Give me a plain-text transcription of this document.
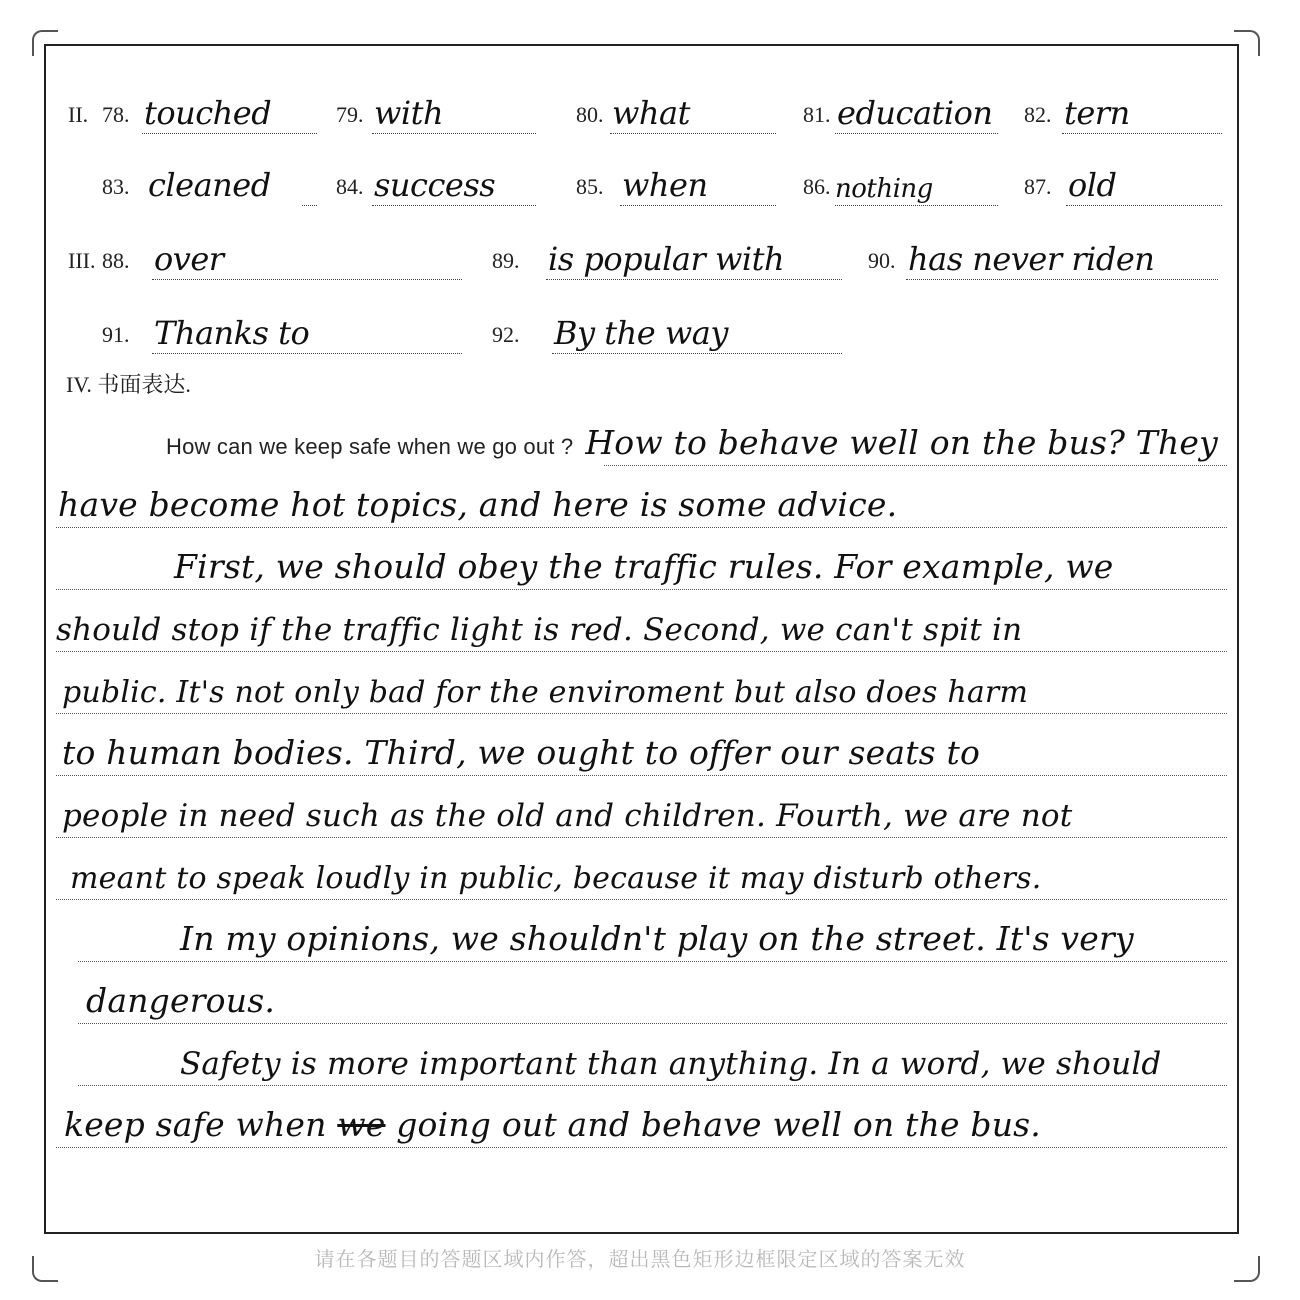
II. 78. touched	79. with	80. what	81. education 82. tern
83. cleaned	84. success	85. when	86. nothing	87. old
III. 88. over	89. is popular with	90. has never riden
91. Thanks to	92. By the way
IV. 书面表达.
How can we keep safe when we go out ? How to behave well on the bus? They
have become hot topics, and here is some advice.
First, we should obey the traffic rules. For example, we
should stop if the traffic light is red. Second, we can't spit in
public. It's not only bad for the enviroment but also does harm
to human bodies. Third, we ought to offer our seats to
people in need such as the old and children. Fourth, we are not
meant to speak loudly in public, because it may disturb others.
In my opinions, we shouldn't play on the street. It's very
dangerous.
Safety is more important than anything. In a word, we should
keep safe when we going out and behave well on the bus.
请在各题目的答题区域内作答，超出黑色矩形边框限定区域的答案无效
